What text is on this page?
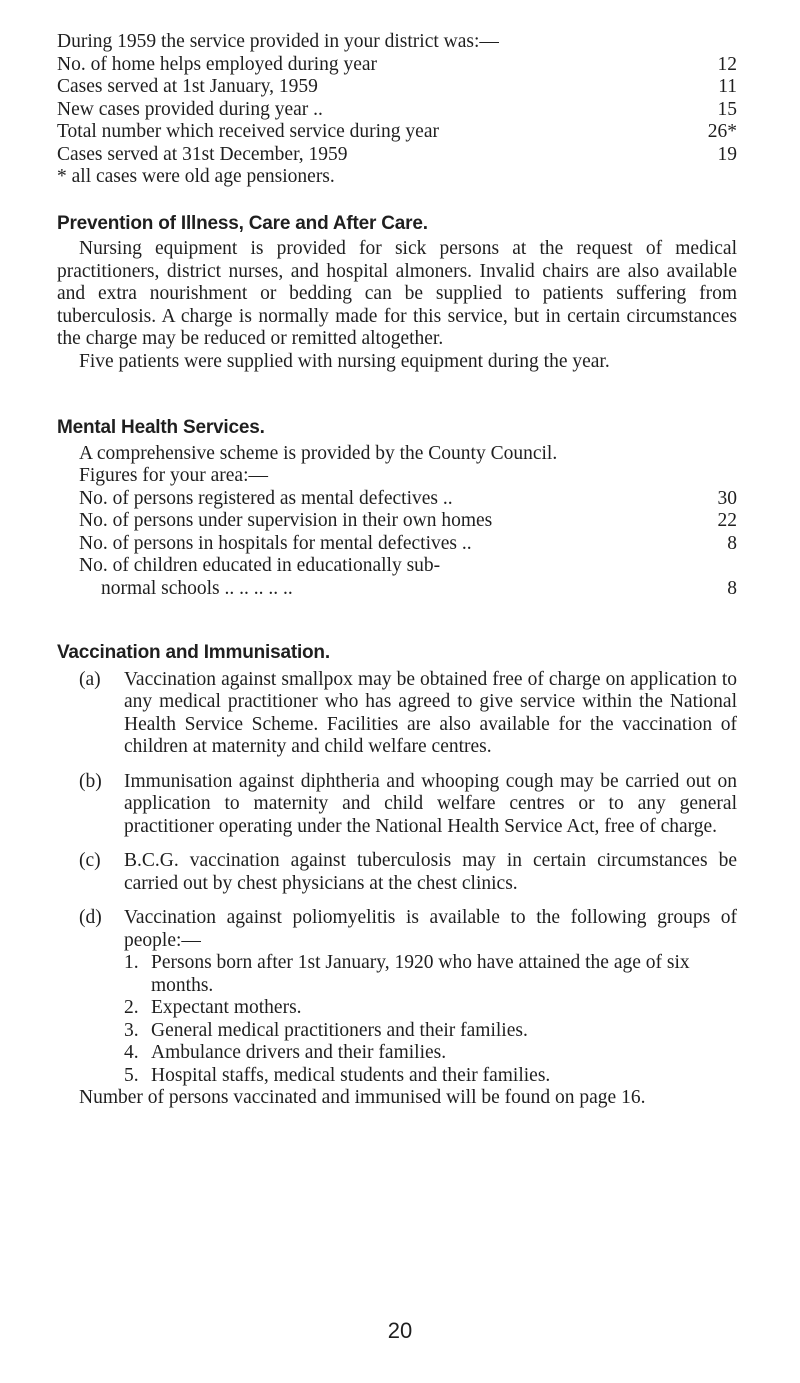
During 1959 the service provided in your district was:—

No. of home helps employed during year	12
Cases served at 1st January, 1959	11
New cases provided during year ..	15
Total number which received service during year	26*
Cases served at 31st December, 1959	19

* all cases were old age pensioners.

Prevention of Illness, Care and After Care.

Nursing equipment is provided for sick persons at the request of medical practitioners, district nurses, and hospital almoners. Invalid chairs are also available and extra nourishment or bedding can be supplied to patients suffering from tuberculosis. A charge is normally made for this service, but in certain circumstances the charge may be reduced or remitted altogether.

Five patients were supplied with nursing equipment during the year.

Mental Health Services.

A comprehensive scheme is provided by the County Council.

Figures for your area:—

No. of persons registered as mental defectives ..	30
No. of persons under supervision in their own homes	22
No. of persons in hospitals for mental defectives ..	8
No. of children educated in educationally sub-
normal schools .. .. .. .. ..	8
Vaccination and Immunisation.
(a)	Vaccination against smallpox may be obtained free of charge on application to any medical practitioner who has agreed to give service within the National Health Service Scheme. Facilities are also available for the vaccination of children at maternity and child welfare centres.
(b)	Immunisation against diphtheria and whooping cough may be carried out on application to maternity and child welfare centres or to any general practitioner operating under the National Health Service Act, free of charge.
(c)	B.C.G. vaccination against tuberculosis may in certain circumstances be carried out by chest physicians at the chest clinics.
(d)	Vaccination against poliomyelitis is available to the following groups of people:—
1. Persons born after 1st January, 1920 who have attained the age of six months.
2. Expectant mothers.
3. General medical practitioners and their families.
4. Ambulance drivers and their families.
5. Hospital staffs, medical students and their families.

Number of persons vaccinated and immunised will be found on page 16.

20
